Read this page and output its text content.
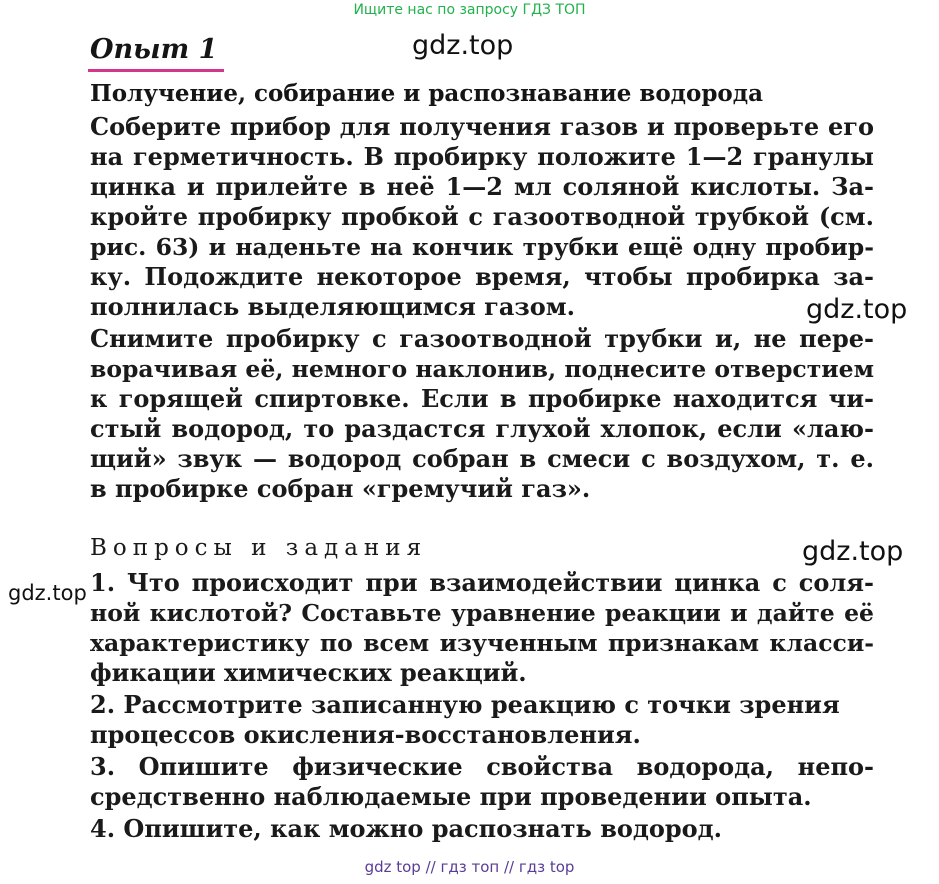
Ищите нас по запросу ГДЗ ТОП
gdz.top
gdz.top
gdz.top
gdz.top
Опыт 1
Получение, собирание и распознавание водорода
Соберите прибор для получения газов и проверьте его
на герметичность. В пробирку положите 1—2 гранулы
цинка и прилейте в неё 1—2 мл соляной кислоты. За-
кройте пробирку пробкой с газоотводной трубкой (см.
рис. 63) и наденьте на кончик трубки ещё одну пробир-
ку. Подождите некоторое время, чтобы пробирка за-
полнилась выделяющимся газом.
Снимите пробирку с газоотводной трубки и, не пере-
ворачивая её, немного наклонив, поднесите отверстием
к горящей спиртовке. Если в пробирке находится чи-
стый водород, то раздастся глухой хлопок, если «лаю-
щий» звук — водород собран в смеси с воздухом, т. е.
в пробирке собран «гремучий газ».
Вопросы и задания
1. Что происходит при взаимодействии цинка с соля-
ной кислотой? Составьте уравнение реакции и дайте её
характеристику по всем изученным признакам класси-
фикации химических реакций.
2. Рассмотрите записанную реакцию с точки зрения
процессов окисления-восстановления.
3. Опишите физические свойства водорода, непо-
средственно наблюдаемые при проведении опыта.
4. Опишите, как можно распознать водород.
gdz top // гдз топ // гдз top
